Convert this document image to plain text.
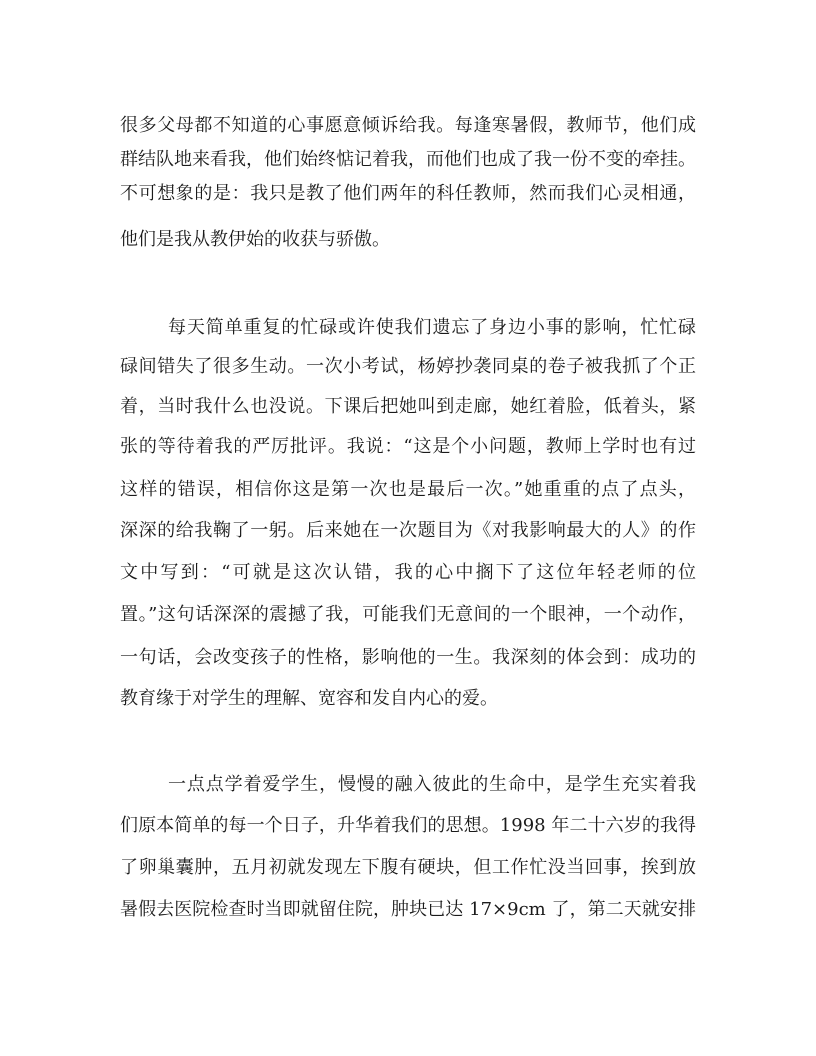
很多父母都不知道的心事愿意倾诉给我。每逢寒暑假，教师节，他们成
群结队地来看我，他们始终惦记着我，而他们也成了我一份不变的牵挂。
不可想象的是：我只是教了他们两年的科任教师，然而我们心灵相通，
他们是我从教伊始的收获与骄傲。
每天简单重复的忙碌或许使我们遗忘了身边小事的影响，忙忙碌
碌间错失了很多生动。一次小考试，杨婷抄袭同桌的卷子被我抓了个正
着，当时我什么也没说。下课后把她叫到走廊，她红着脸，低着头，紧
张的等待着我的严厉批评。我说：“这是个小问题，教师上学时也有过
这样的错误，相信你这是第一次也是最后一次。”她重重的点了点头，
深深的给我鞠了一躬。后来她在一次题目为《对我影响最大的人》的作
文中写到：“可就是这次认错，我的心中搁下了这位年轻老师的位
置。”这句话深深的震撼了我，可能我们无意间的一个眼神，一个动作，
一句话，会改变孩子的性格，影响他的一生。我深刻的体会到：成功的
教育缘于对学生的理解、宽容和发自内心的爱。
一点点学着爱学生，慢慢的融入彼此的生命中，是学生充实着我
们原本简单的每一个日子，升华着我们的思想。1998 年二十六岁的我得
了卵巢囊肿，五月初就发现左下腹有硬块，但工作忙没当回事，挨到放
暑假去医院检查时当即就留住院，肿块已达 17×9cm 了，第二天就安排
